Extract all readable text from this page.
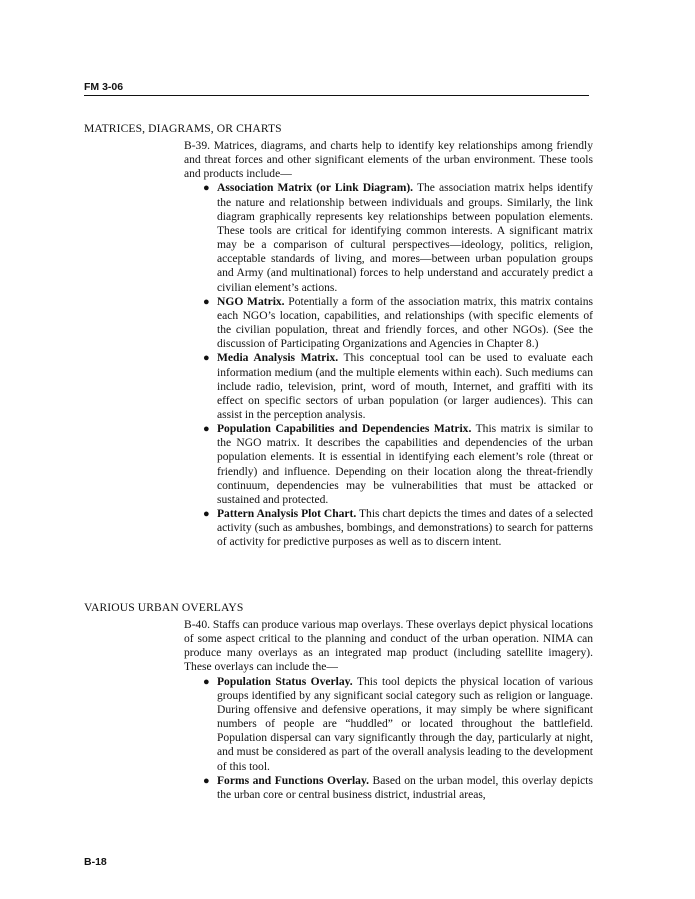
FM 3-06
MATRICES, DIAGRAMS, OR CHARTS

B-39. Matrices, diagrams, and charts help to identify key relationships among friendly and threat forces and other significant elements of the urban environment. These tools and products include—

● Association Matrix (or Link Diagram). The association matrix helps identify the nature and relationship between individuals and groups. Similarly, the link diagram graphically represents key relationships between population elements. These tools are critical for identifying common interests. A significant matrix may be a comparison of cultural perspectives—ideology, politics, religion, acceptable standards of living, and mores—between urban population groups and Army (and multinational) forces to help understand and accurately predict a civilian element’s actions.
● NGO Matrix. Potentially a form of the association matrix, this matrix contains each NGO’s location, capabilities, and relationships (with specific elements of the civilian population, threat and friendly forces, and other NGOs). (See the discussion of Participating Organizations and Agencies in Chapter 8.)
● Media Analysis Matrix. This conceptual tool can be used to evaluate each information medium (and the multiple elements within each). Such mediums can include radio, television, print, word of mouth, Internet, and graffiti with its effect on specific sectors of urban population (or larger audiences). This can assist in the perception analysis.
● Population Capabilities and Dependencies Matrix. This matrix is similar to the NGO matrix. It describes the capabilities and dependencies of the urban population elements. It is essential in identifying each element’s role (threat or friendly) and influence. Depending on their location along the threat-friendly continuum, dependencies may be vulnerabilities that must be attacked or sustained and protected.
● Pattern Analysis Plot Chart. This chart depicts the times and dates of a selected activity (such as ambushes, bombings, and demonstrations) to search for patterns of activity for predictive purposes as well as to discern intent.
VARIOUS URBAN OVERLAYS

B-40. Staffs can produce various map overlays. These overlays depict physical locations of some aspect critical to the planning and conduct of the urban operation. NIMA can produce many overlays as an integrated map product (including satellite imagery). These overlays can include the—

● Population Status Overlay. This tool depicts the physical location of various groups identified by any significant social category such as religion or language. During offensive and defensive operations, it may simply be where significant numbers of people are “huddled” or located throughout the battlefield. Population dispersal can vary significantly through the day, particularly at night, and must be considered as part of the overall analysis leading to the development of this tool.
● Forms and Functions Overlay. Based on the urban model, this overlay depicts the urban core or central business district, industrial areas,
B-18
